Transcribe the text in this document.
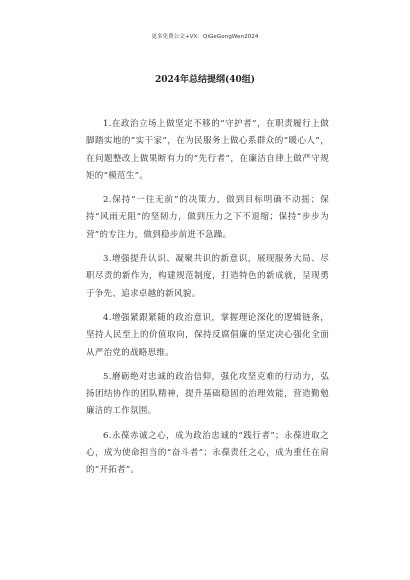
更多免费公文+VX：QiGeGongWen2024
2024年总结提纲(40组)

1.在政治立场上做坚定不移的“守护者”，在职责履行上做脚踏实地的“实干家”，在为民服务上做心系群众的“暖心人”，在问题整改上做果断有力的“先行者”，在廉洁自律上做严守规矩的“模范生”。

2.保持“一往无前”的决策力，做到目标明确不动摇；保持“风雨无阻”的坚韧力，做到压力之下不退缩；保持“步步为营”的专注力，做到稳步前进不急躁。

3.增强提升认识、凝聚共识的新意识，展现服务大局、尽职尽责的新作为，构建规范制度，打造特色的新成就，呈现勇于争先、追求卓越的新风貌。

4.增强紧跟紧随的政治意识，掌握理论深化的逻辑链条，坚持人民至上的价值取向，保持反腐倡廉的坚定决心强化全面从严治党的战略思维。

5.磨砺绝对忠诚的政治信仰，强化攻坚克难的行动力，弘扬团结协作的团队精神，提升基础稳固的治理效能，营造勤勉廉洁的工作氛围。

6.永葆赤诚之心，成为政治忠诚的“践行者”；永葆进取之心，成为使命担当的“奋斗者”；永葆责任之心，成为重任在肩的“开拓者”。
